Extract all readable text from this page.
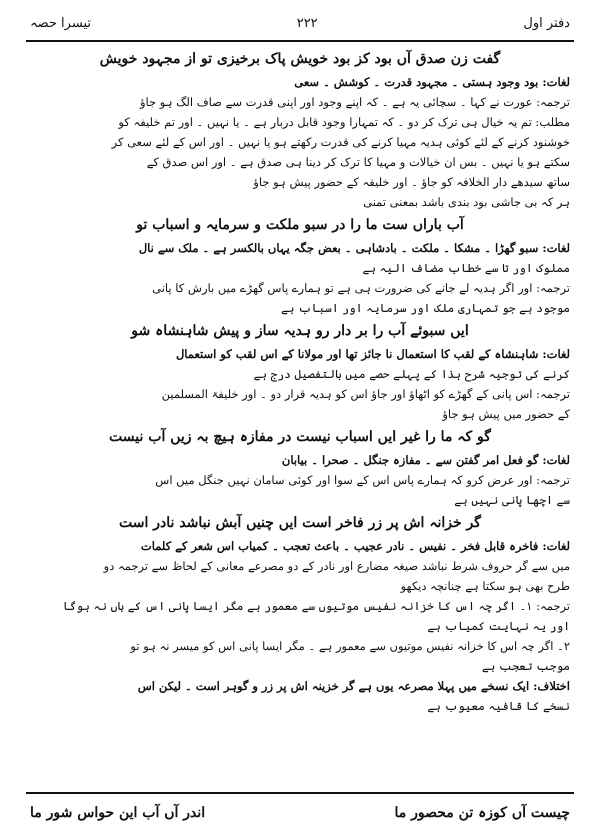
تیسرا حصہ	۲۲۲	دفتر اول
گفت زن صدق آں بود کز بود خویش پاک برخیزی تو از مجہود خویش
لغات: بود وجود ہستی ۔ مجہود قدرت ۔ کوشش ۔ سعی
ترجمہ: عورت نے کہا ۔ سچائی یہ ہے ۔ کہ اپنے وجود اور اپنی قدرت سے صاف الگ ہو جاؤ
مطلب: تم یہ خیال ہی ترک کر دو ۔ کہ تمہارا وجود قابل دربار ہے ۔ یا نہیں ۔ اور تم خلیفہ کو
خوشنود کرنے کے لئے کوئی ہدیہ مہیا کرنے کی قدرت رکھتے ہو یا نہیں ۔ اور اس کے لئے سعی کر
سکتے ہو یا نہیں ۔ بس ان خیالات و مہیا کا ترک کر دینا ہی صدق ہے ۔ اور اس صدق کے
ساتھ سیدھے دار الخلافہ کو جاؤ ۔ اور خلیفہ کے حضور پیش ہو جاؤ
ہر کہ بی جاشی بود بندی باشد بمعنی تمنی
آب باراں ست ما را در سبو ملکت و سرمایہ و اسباب تو
لغات: سبو گھڑا ۔ مشکا ۔ ملکت ۔ بادشاہی ۔ بعض جگہ یہاں بالکسر ہے ۔ ملک سے نال
مملوک اور تا سے خطاب مضاف الیہ ہے
ترجمہ: اور اگر ہدیہ لے جانے کی ضرورت ہی ہے تو ہمارے پاس گھڑے میں بارش کا پانی
موجود ہے جو تمہاری ملک اور سرمایہ اور اسباب ہے
ایں سبوئے آب را بر دار رو ہدیہ ساز و پیش شاہنشاہ شو
لغات: شاہنشاہ کے لقب کا استعمال نا جائز تھا اور مولانا کے اس لقب کو استعمال
کرنے کی توجیہ شرح ہذا کے پہلے حصے میں بالتفصیل درج ہے
ترجمہ: اس پانی کے گھڑے کو اٹھاؤ اور جاؤ اس کو ہدیہ قرار دو ۔ اور خلیفۃ المسلمین
کے حضور میں پیش ہو جاؤ
گو کہ ما را غیر ایں اسباب نیست در مفازہ ہیچ بہ زیں آب نیست
لغات: گو فعل امر گفتن سے ۔ مفازہ جنگل ۔ صحرا ۔ بیابان
ترجمہ: اور عرض کرو کہ ہمارے پاس اس کے سوا اور کوئی سامان نہیں جنگل میں اس
سے اچھا پانی نہیں ہے
گر خزانہ اش پر زر فاخر است ایں چنیں آبش نباشد نادر است
لغات: فاخرہ قابل فخر ۔ نفیس ۔ نادر عجیب ۔ باعث تعجب ۔ کمیاب اس شعر کے کلمات
میں سے گر حروف شرط نباشد صیغہ مضارع اور نادر کے دو مصرعے معانی کے لحاظ سے ترجمہ دو
طرح بھی ہو سکتا ہے چنانچہ دیکھو
ترجمہ: ۱۔ اگر چہ اس کا خزانہ نفیس موتیوں سے معمور ہے مگر ایسا پانی اس کے ہاں نہ ہوگا
اور یہ نہایت کمیاب ہے
۲۔ اگر چہ اس کا خزانہ نفیس موتیوں سے معمور ہے ۔ مگر ایسا پانی اس کو میسر نہ ہو تو
موجب تعجب ہے
اختلاف: ایک نسخے میں پہلا مصرعہ یوں ہے گر خزینہ اش پر زر و گوہر است ۔ لیکن اس
نسخے کا قافیہ معیوب ہے
چیست آں کوزہ تن محصور ما
اندر آں آب این حواس شور ما
